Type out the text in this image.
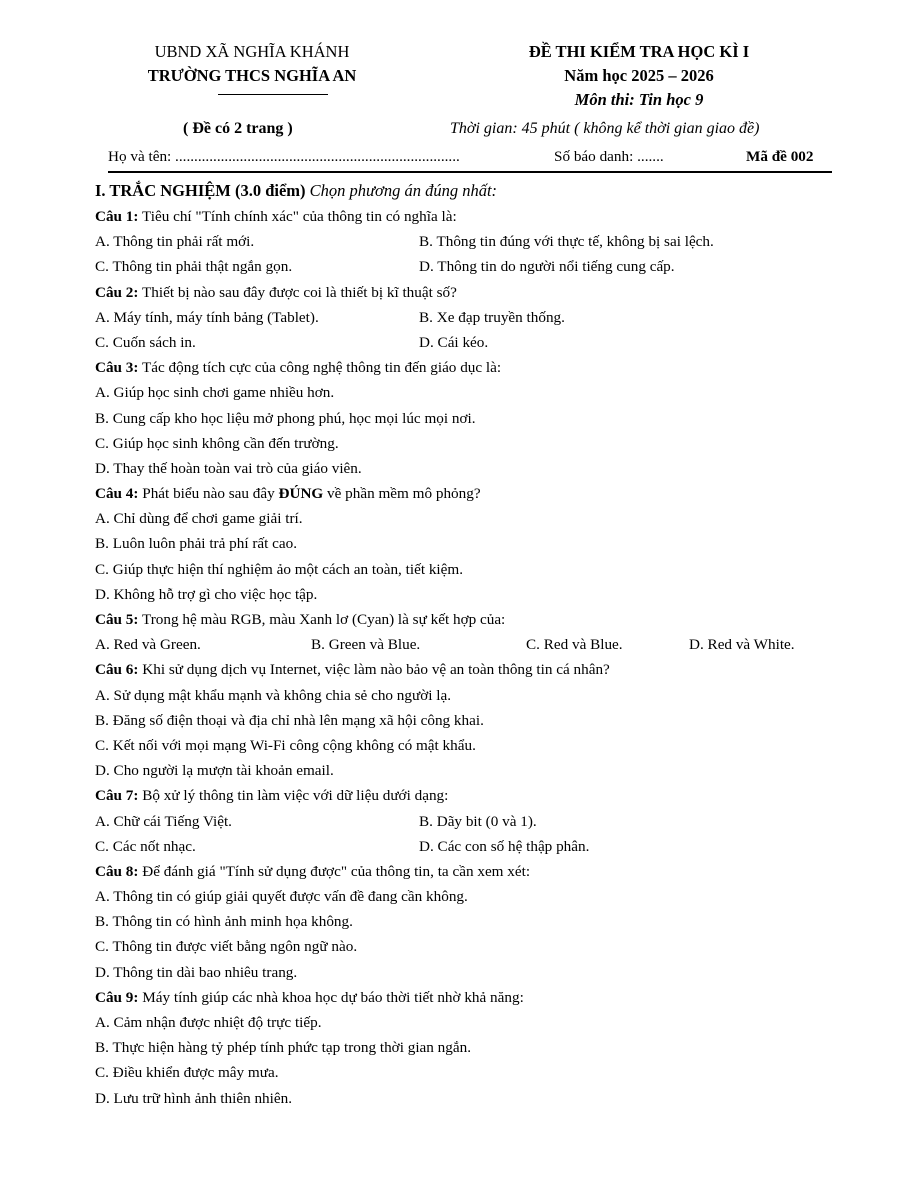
UBND XÃ NGHĨA KHÁNH
TRƯỜNG THCS NGHĨA AN
ĐỀ THI KIỂM TRA HỌC KÌ I
Năm học 2025 – 2026
Môn thi: Tin học 9
( Đề có 2 trang )	Thời gian: 45 phút ( không kể thời gian giao đề)
Họ và tên: ...........................................................................	Số báo danh: .......	Mã đề 002
I. TRẮC NGHIỆM (3.0 điểm) Chọn phương án đúng nhất:
Câu 1: Tiêu chí "Tính chính xác" của thông tin có nghĩa là:
A. Thông tin phải rất mới.	B. Thông tin đúng với thực tế, không bị sai lệch.
C. Thông tin phải thật ngắn gọn.	D. Thông tin do người nổi tiếng cung cấp.
Câu 2: Thiết bị nào sau đây được coi là thiết bị kĩ thuật số?
A. Máy tính, máy tính bảng (Tablet).	B. Xe đạp truyền thống.
C. Cuốn sách in.	D. Cái kéo.
Câu 3: Tác động tích cực của công nghệ thông tin đến giáo dục là:
A. Giúp học sinh chơi game nhiều hơn.
B. Cung cấp kho học liệu mở phong phú, học mọi lúc mọi nơi.
C. Giúp học sinh không cần đến trường.
D. Thay thế hoàn toàn vai trò của giáo viên.
Câu 4: Phát biểu nào sau đây ĐÚNG về phần mềm mô phỏng?
A. Chỉ dùng để chơi game giải trí.
B. Luôn luôn phải trả phí rất cao.
C. Giúp thực hiện thí nghiệm ảo một cách an toàn, tiết kiệm.
D. Không hỗ trợ gì cho việc học tập.
Câu 5: Trong hệ màu RGB, màu Xanh lơ (Cyan) là sự kết hợp của:
A. Red và Green.	B. Green và Blue.	C. Red và Blue.	D. Red và White.
Câu 6: Khi sử dụng dịch vụ Internet, việc làm nào bảo vệ an toàn thông tin cá nhân?
A. Sử dụng mật khẩu mạnh và không chia sẻ cho người lạ.
B. Đăng số điện thoại và địa chỉ nhà lên mạng xã hội công khai.
C. Kết nối với mọi mạng Wi-Fi công cộng không có mật khẩu.
D. Cho người lạ mượn tài khoản email.
Câu 7: Bộ xử lý thông tin làm việc với dữ liệu dưới dạng:
A. Chữ cái Tiếng Việt.	B. Dãy bit (0 và 1).
C. Các nốt nhạc.	D. Các con số hệ thập phân.
Câu 8: Để đánh giá "Tính sử dụng được" của thông tin, ta cần xem xét:
A. Thông tin có giúp giải quyết được vấn đề đang cần không.
B. Thông tin có hình ảnh minh họa không.
C. Thông tin được viết bằng ngôn ngữ nào.
D. Thông tin dài bao nhiêu trang.
Câu 9: Máy tính giúp các nhà khoa học dự báo thời tiết nhờ khả năng:
A. Cảm nhận được nhiệt độ trực tiếp.
B. Thực hiện hàng tỷ phép tính phức tạp trong thời gian ngắn.
C. Điều khiển được mây mưa.
D. Lưu trữ hình ảnh thiên nhiên.
